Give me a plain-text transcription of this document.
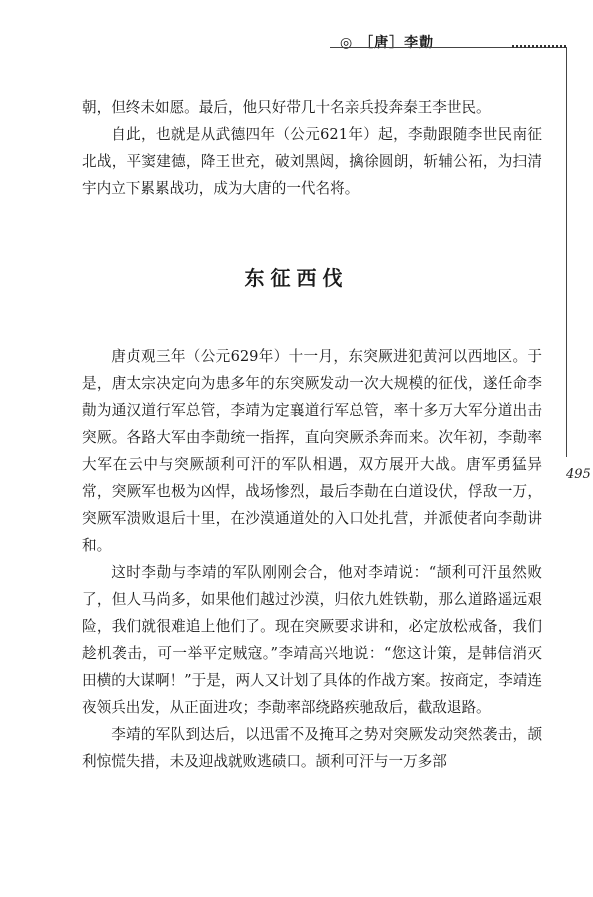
◎ ［唐］李勣
495

朝，但终未如愿。最后，他只好带几十名亲兵投奔秦王李世民。

自此，也就是从武德四年（公元621年）起，李勣跟随李世民南征北战，平窦建德，降王世充，破刘黑闼，擒徐圆朗，斩辅公祏，为扫清宇内立下累累战功，成为大唐的一代名将。

东征西伐

唐贞观三年（公元629年）十一月，东突厥进犯黄河以西地区。于是，唐太宗决定向为患多年的东突厥发动一次大规模的征伐，遂任命李勣为通汉道行军总管，李靖为定襄道行军总管，率十多万大军分道出击突厥。各路大军由李勣统一指挥，直向突厥杀奔而来。次年初，李勣率大军在云中与突厥颉利可汗的军队相遇，双方展开大战。唐军勇猛异常，突厥军也极为凶悍，战场惨烈，最后李勣在白道设伏，俘敌一万，突厥军溃败退后十里，在沙漠通道处的入口处扎营，并派使者向李勣讲和。

这时李勣与李靖的军队刚刚会合，他对李靖说：“颉利可汗虽然败了，但人马尚多，如果他们越过沙漠，归依九姓铁勒，那么道路遥远艰险，我们就很难追上他们了。现在突厥要求讲和，必定放松戒备，我们趁机袭击，可一举平定贼寇。”李靖高兴地说：“您这计策，是韩信消灭田横的大谋啊！”于是，两人又计划了具体的作战方案。按商定，李靖连夜领兵出发，从正面进攻；李勣率部绕路疾驰敌后，截敌退路。

李靖的军队到达后，以迅雷不及掩耳之势对突厥发动突然袭击，颉利惊慌失措，未及迎战就败逃碛口。颉利可汗与一万多部
